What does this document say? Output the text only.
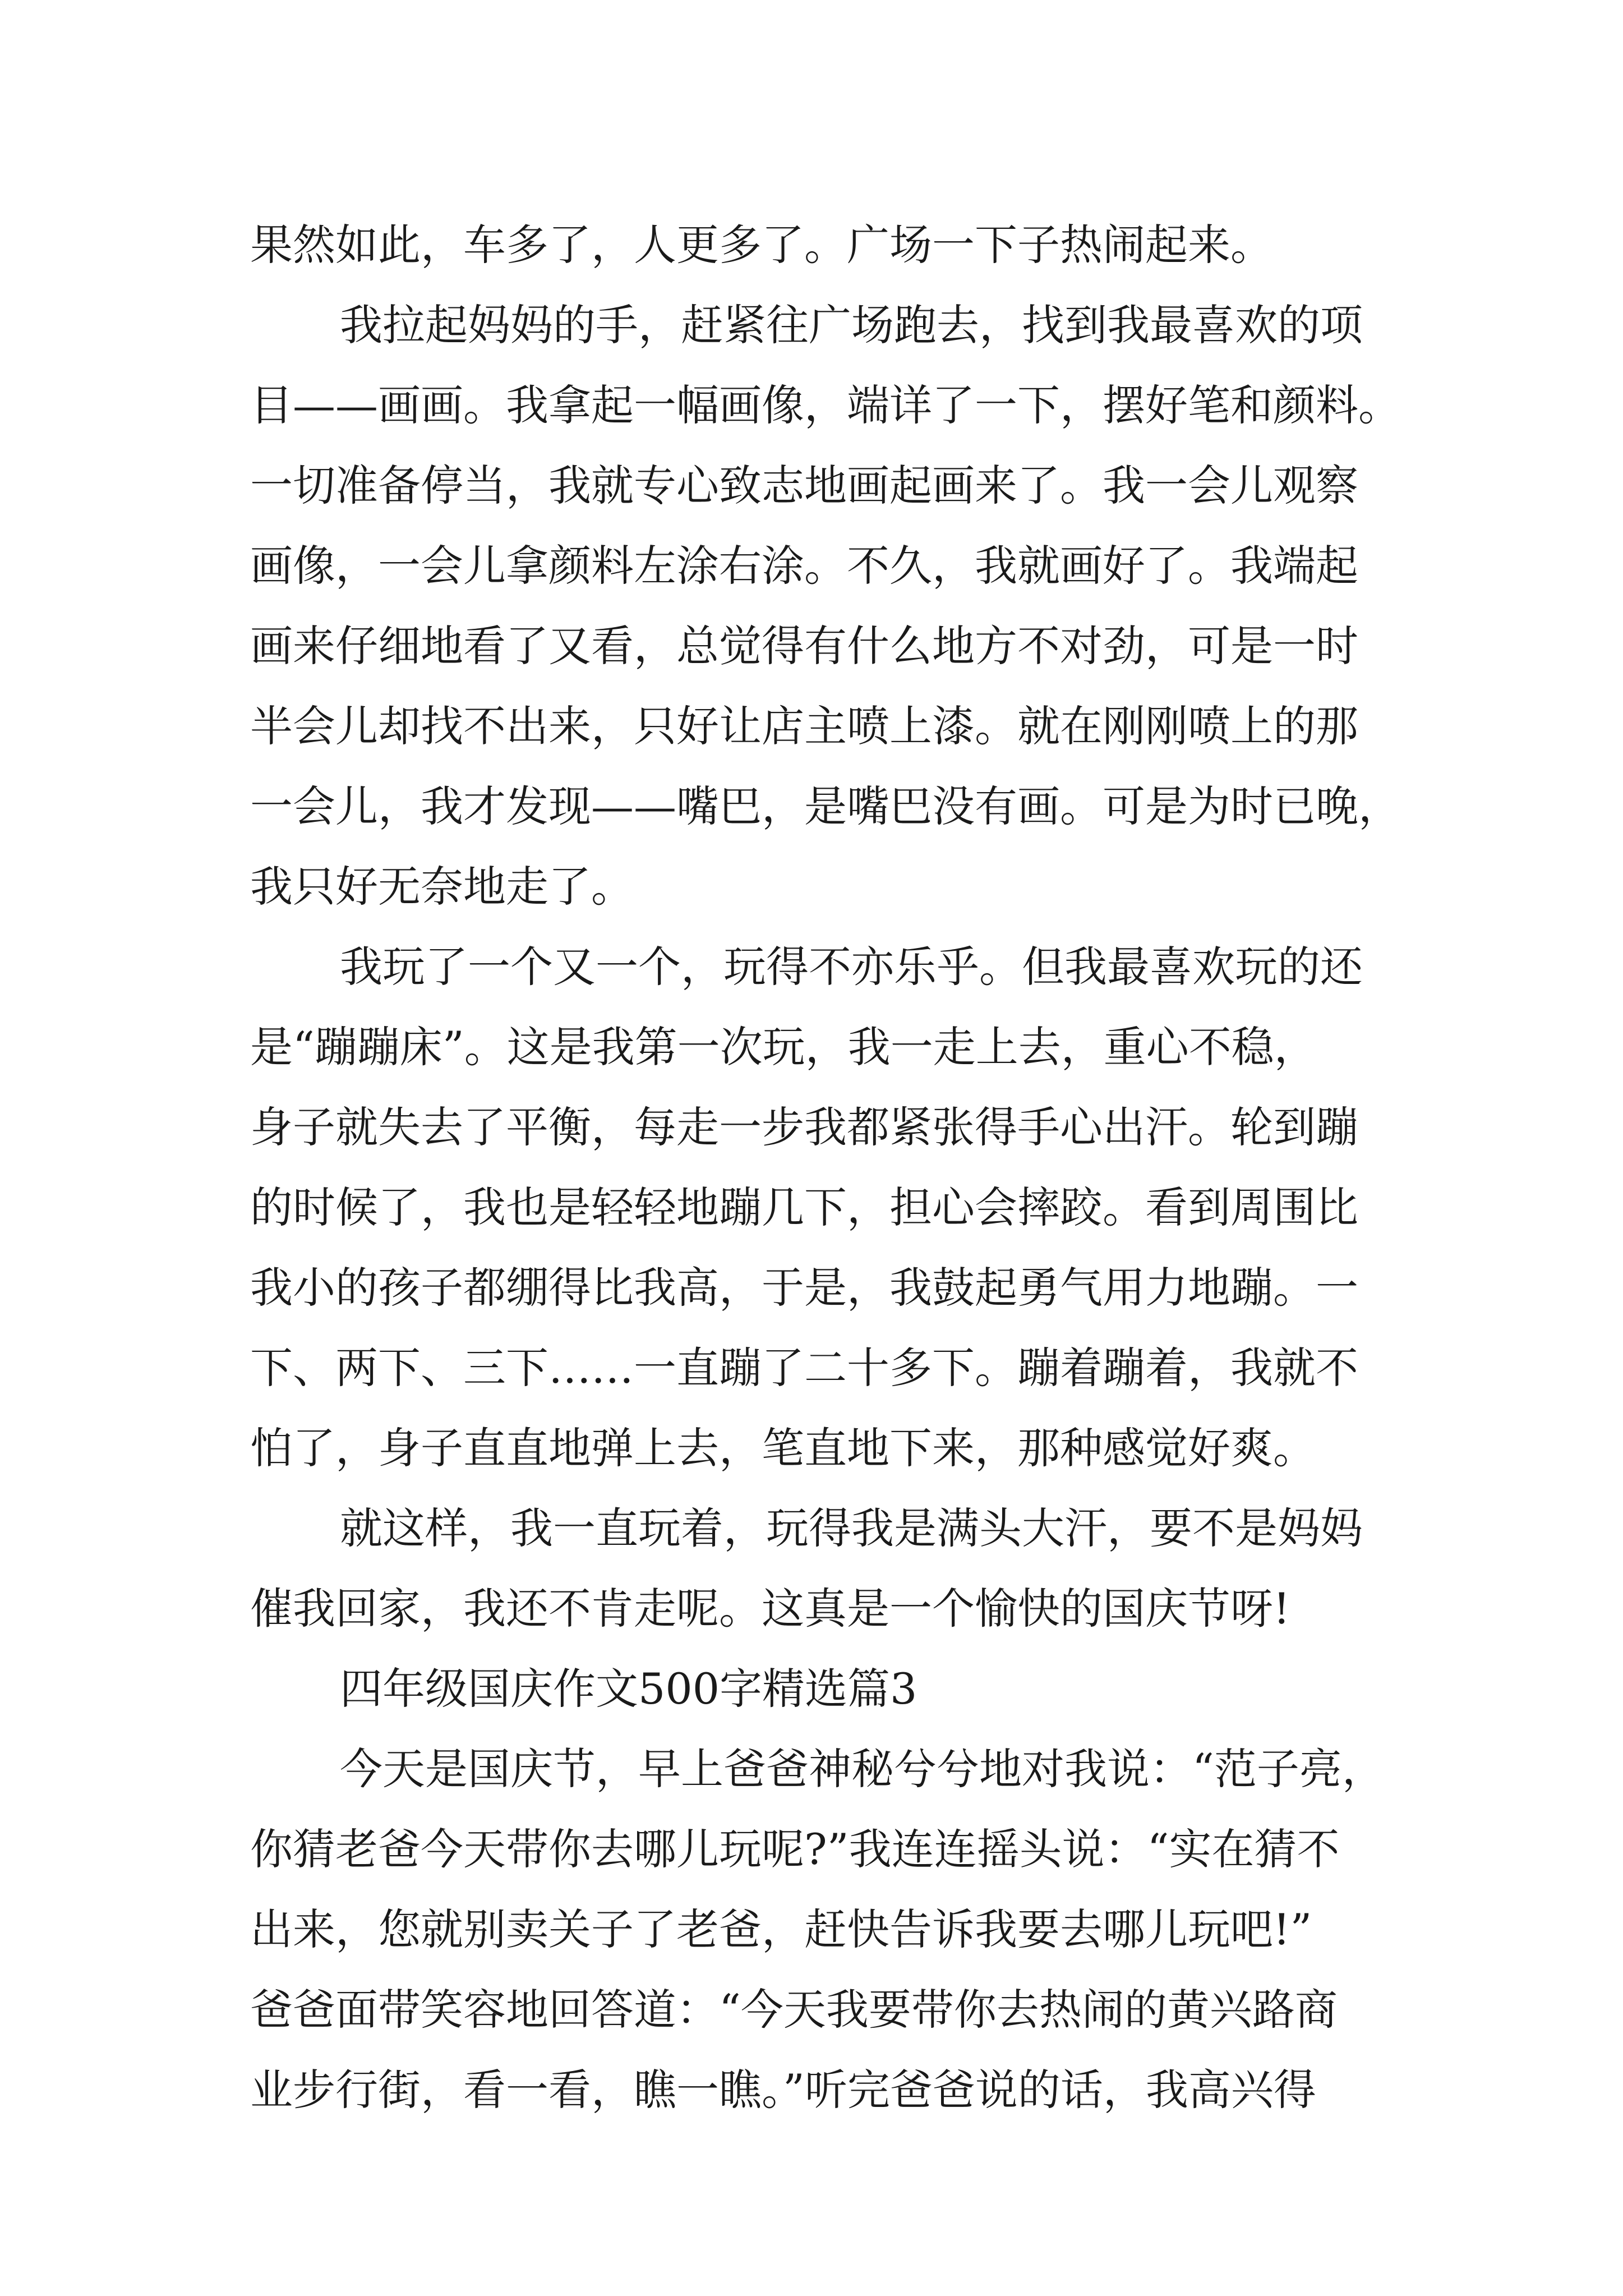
果然如此，车多了，人更多了。广场一下子热闹起来。
我拉起妈妈的手，赶紧往广场跑去，找到我最喜欢的项
目——画画。我拿起一幅画像，端详了一下，摆好笔和颜料。
一切准备停当，我就专心致志地画起画来了。我一会儿观察
画像，一会儿拿颜料左涂右涂。不久，我就画好了。我端起
画来仔细地看了又看，总觉得有什么地方不对劲，可是一时
半会儿却找不出来，只好让店主喷上漆。就在刚刚喷上的那
一会儿，我才发现——嘴巴，是嘴巴没有画。可是为时已晚，
我只好无奈地走了。
我玩了一个又一个，玩得不亦乐乎。但我最喜欢玩的还
是“蹦蹦床”。这是我第一次玩，我一走上去，重心不稳，
身子就失去了平衡，每走一步我都紧张得手心出汗。轮到蹦
的时候了，我也是轻轻地蹦几下，担心会摔跤。看到周围比
我小的孩子都绷得比我高，于是，我鼓起勇气用力地蹦。一
下、两下、三下……一直蹦了二十多下。蹦着蹦着，我就不
怕了，身子直直地弹上去，笔直地下来，那种感觉好爽。
就这样，我一直玩着，玩得我是满头大汗，要不是妈妈
催我回家，我还不肯走呢。这真是一个愉快的国庆节呀!
四年级国庆作文500字精选篇3
今天是国庆节，早上爸爸神秘兮兮地对我说：“范子亮，
你猜老爸今天带你去哪儿玩呢?”我连连摇头说：“实在猜不
出来，您就别卖关子了老爸，赶快告诉我要去哪儿玩吧!”
爸爸面带笑容地回答道：“今天我要带你去热闹的黄兴路商
业步行街，看一看，瞧一瞧。”听完爸爸说的话，我高兴得
